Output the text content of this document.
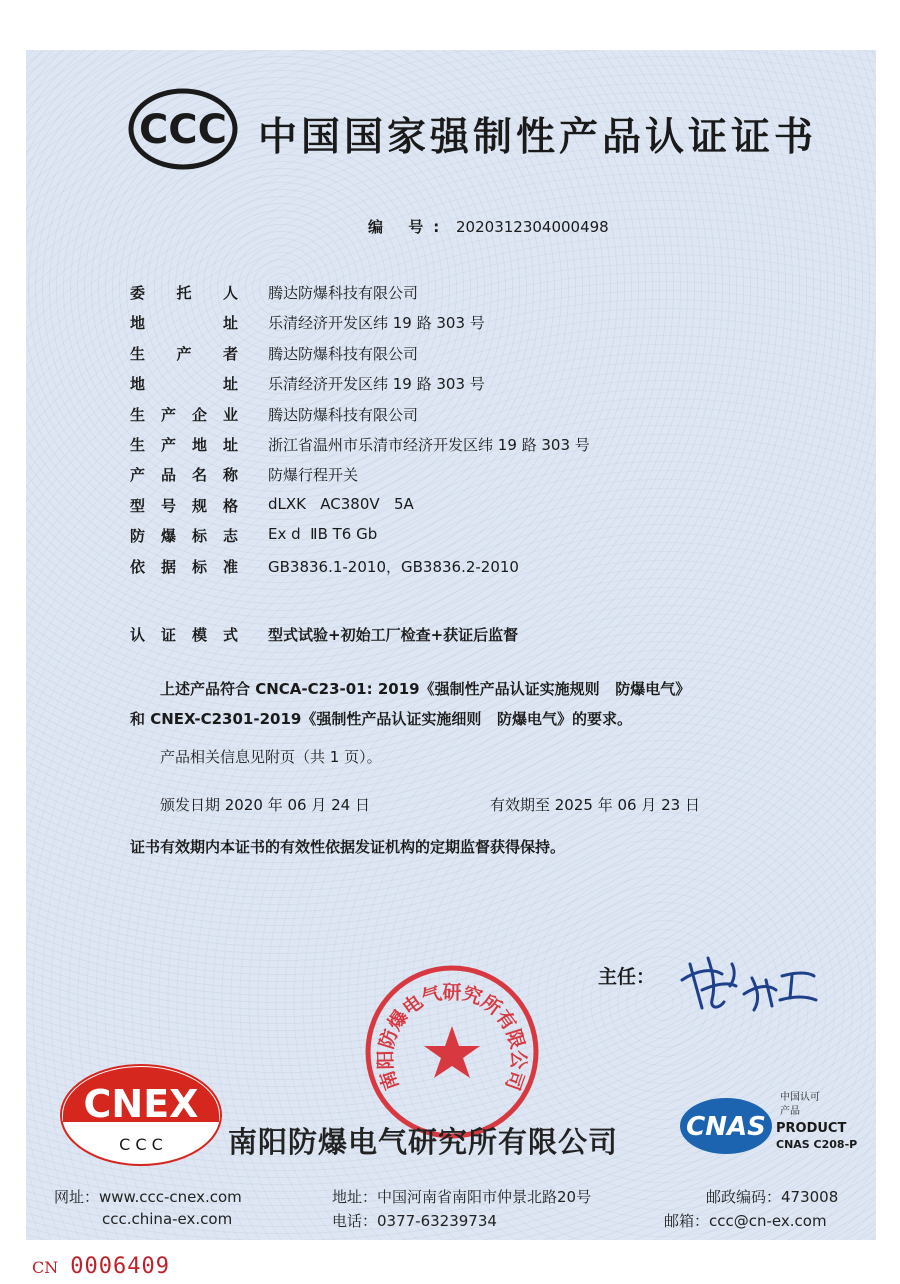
CCC 中国国家强制性产品认证证书
编 号: 2020312304000498
委托人 腾达防爆科技有限公司
地址 乐清经济开发区纬 19 路 303 号
生产者 腾达防爆科技有限公司
地址 乐清经济开发区纬 19 路 303 号
生产企业 腾达防爆科技有限公司
生产地址 浙江省温州市乐清市经济开发区纬 19 路 303 号
产品名称 防爆行程开关
型号规格 dLXK   AC380V   5A
防爆标志 Ex d  ⅡB T6 Gb
依据标准 GB3836.1-2010，GB3836.2-2010
认证模式 型式试验+初始工厂检查+获证后监督
上述产品符合 CNCA-C23-01: 2019《强制性产品认证实施规则   防爆电气》
和 CNEX-C2301-2019《强制性产品认证实施细则   防爆电气》的要求。
产品相关信息见附页（共 1 页）。
颁发日期 2020 年 06 月 24 日	有效期至 2025 年 06 月 23 日
证书有效期内本证书的有效性依据发证机构的定期监督获得保持。
主任：
南阳防爆电气研究所有限公司
CNEX
C C C
CNAS
中国认可
产品
PRODUCT
CNAS C208-P
南阳防爆电气研究所有限公司
网址：www.ccc-cnex.com
ccc.china-ex.com
地址：中国河南省南阳市仲景北路20号
电话：0377-63239734
邮政编码：473008
邮箱：ccc@cn-ex.com
CN 0006409
